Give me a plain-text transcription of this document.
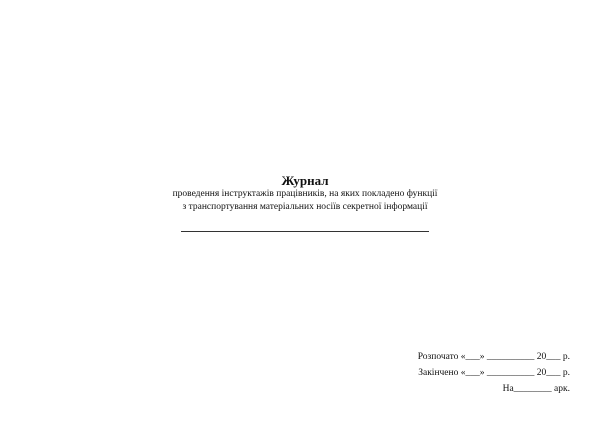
Журнал

проведення інструктажів працівників, на яких покладено функції

з транспортування матеріальних носіїв секретної інформації

Розпочато «___» __________ 20___ р.
Закінчено «___» __________ 20___ р.
На________ арк.
